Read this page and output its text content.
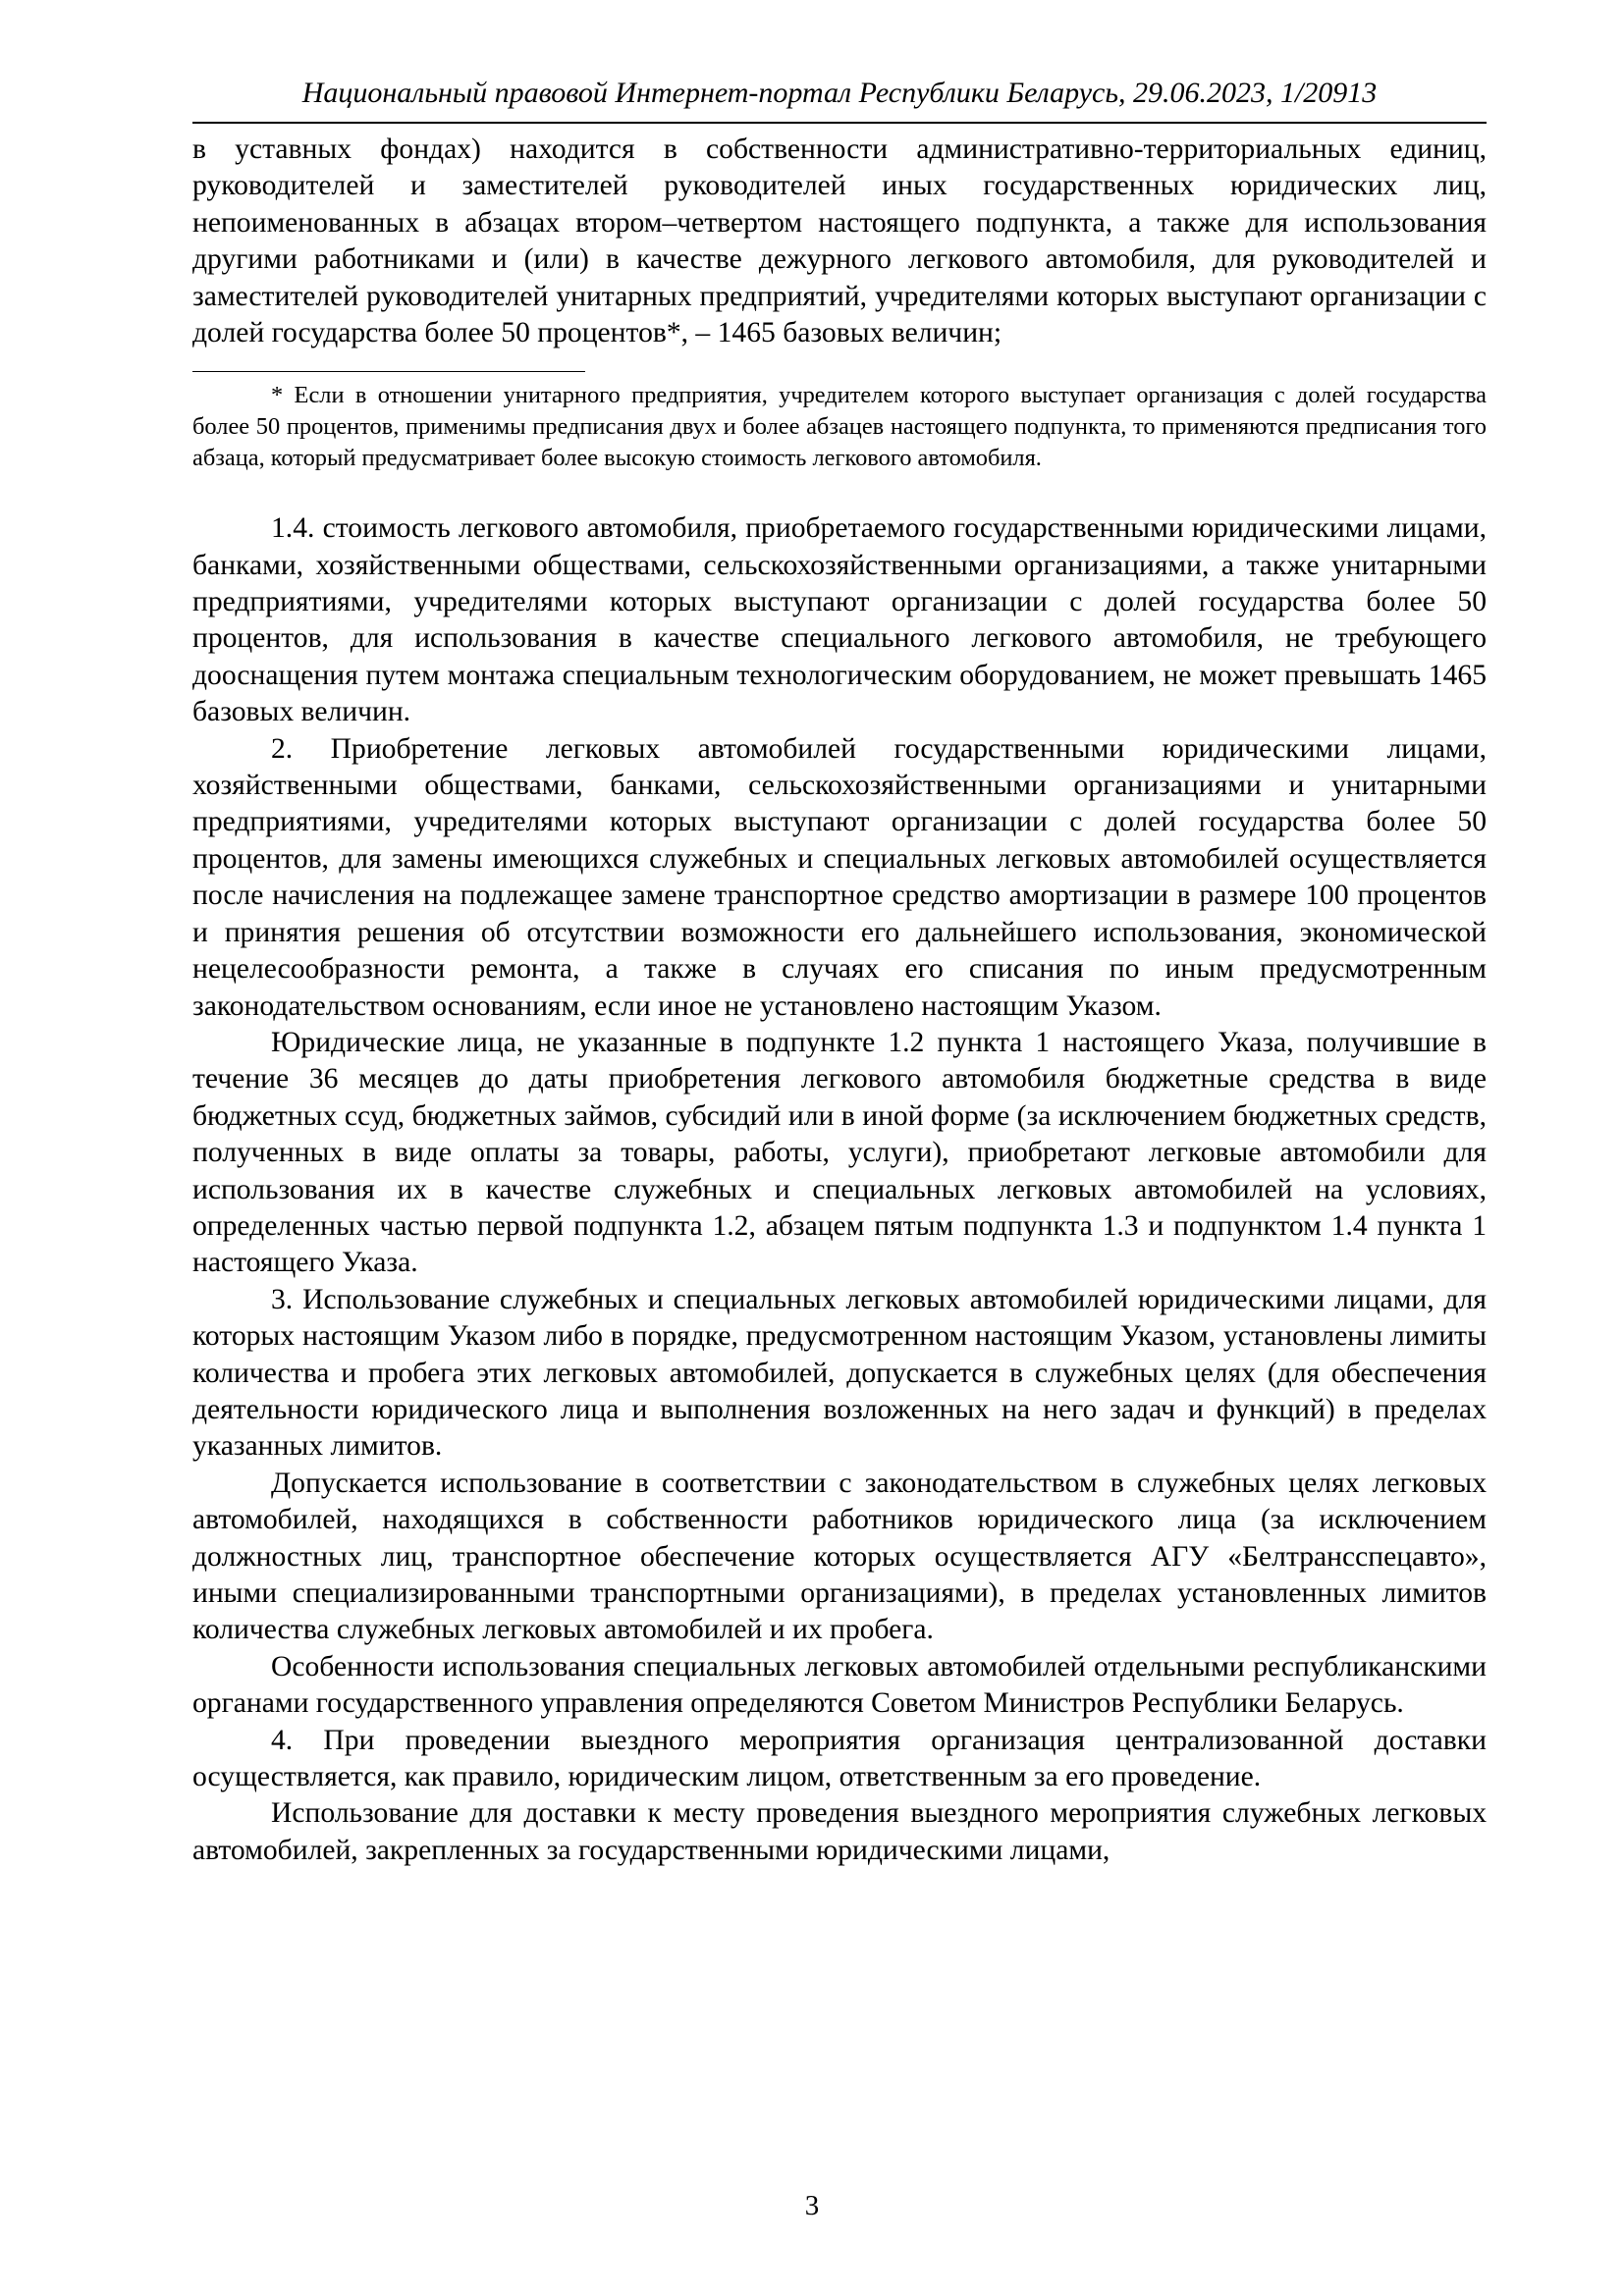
Национальный правовой Интернет-портал Республики Беларусь, 29.06.2023, 1/20913

в уставных фондах) находится в собственности административно-территориальных единиц, руководителей и заместителей руководителей иных государственных юридических лиц, непоименованных в абзацах втором–четвертом настоящего подпункта, а также для использования другими работниками и (или) в качестве дежурного легкового автомобиля, для руководителей и заместителей руководителей унитарных предприятий, учредителями которых выступают организации с долей государства более 50 процентов*, – 1465 базовых величин;

* Если в отношении унитарного предприятия, учредителем которого выступает организация с долей государства более 50 процентов, применимы предписания двух и более абзацев настоящего подпункта, то применяются предписания того абзаца, который предусматривает более высокую стоимость легкового автомобиля.

1.4. стоимость легкового автомобиля, приобретаемого государственными юридическими лицами, банками, хозяйственными обществами, сельскохозяйственными организациями, а также унитарными предприятиями, учредителями которых выступают организации с долей государства более 50 процентов, для использования в качестве специального легкового автомобиля, не требующего дооснащения путем монтажа специальным технологическим оборудованием, не может превышать 1465 базовых величин.

2. Приобретение легковых автомобилей государственными юридическими лицами, хозяйственными обществами, банками, сельскохозяйственными организациями и унитарными предприятиями, учредителями которых выступают организации с долей государства более 50 процентов, для замены имеющихся служебных и специальных легковых автомобилей осуществляется после начисления на подлежащее замене транспортное средство амортизации в размере 100 процентов и принятия решения об отсутствии возможности его дальнейшего использования, экономической нецелесообразности ремонта, а также в случаях его списания по иным предусмотренным законодательством основаниям, если иное не установлено настоящим Указом.

Юридические лица, не указанные в подпункте 1.2 пункта 1 настоящего Указа, получившие в течение 36 месяцев до даты приобретения легкового автомобиля бюджетные средства в виде бюджетных ссуд, бюджетных займов, субсидий или в иной форме (за исключением бюджетных средств, полученных в виде оплаты за товары, работы, услуги), приобретают легковые автомобили для использования их в качестве служебных и специальных легковых автомобилей на условиях, определенных частью первой подпункта 1.2, абзацем пятым подпункта 1.3 и подпунктом 1.4 пункта 1 настоящего Указа.

3. Использование служебных и специальных легковых автомобилей юридическими лицами, для которых настоящим Указом либо в порядке, предусмотренном настоящим Указом, установлены лимиты количества и пробега этих легковых автомобилей, допускается в служебных целях (для обеспечения деятельности юридического лица и выполнения возложенных на него задач и функций) в пределах указанных лимитов.

Допускается использование в соответствии с законодательством в служебных целях легковых автомобилей, находящихся в собственности работников юридического лица (за исключением должностных лиц, транспортное обеспечение которых осуществляется АГУ «Белтрансспецавто», иными специализированными транспортными организациями), в пределах установленных лимитов количества служебных легковых автомобилей и их пробега.

Особенности использования специальных легковых автомобилей отдельными республиканскими органами государственного управления определяются Советом Министров Республики Беларусь.

4. При проведении выездного мероприятия организация централизованной доставки осуществляется, как правило, юридическим лицом, ответственным за его проведение.

Использование для доставки к месту проведения выездного мероприятия служебных легковых автомобилей, закрепленных за государственными юридическими лицами,

3
